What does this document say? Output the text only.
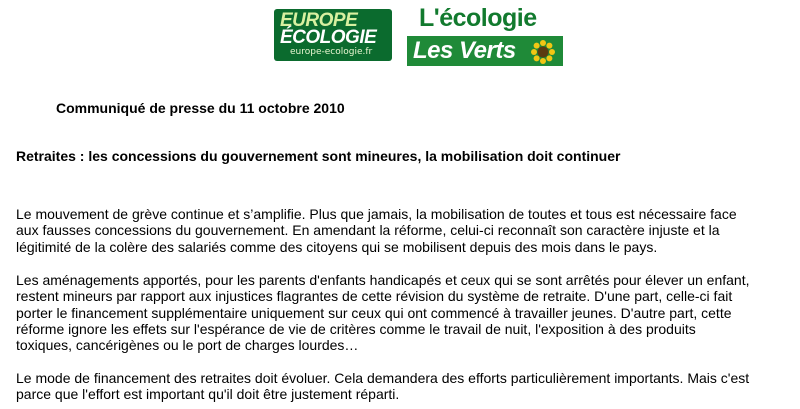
EUROPE
ÉCOLOGIE
europe-ecologie.fr
L'écologie
Les Verts
Communiqué de presse du 11 octobre 2010
Retraites : les concessions du gouvernement sont mineures, la mobilisation doit continuer
Le mouvement de grève continue et s’amplifie. Plus que jamais, la mobilisation de toutes et tous est nécessaire face
aux fausses concessions du gouvernement. En amendant la réforme, celui-ci reconnaît son caractère injuste et la
légitimité de la colère des salariés comme des citoyens qui se mobilisent depuis des mois dans le pays.
Les aménagements apportés, pour les parents d'enfants handicapés et ceux qui se sont arrêtés pour élever un enfant,
restent mineurs par rapport aux injustices flagrantes de cette révision du système de retraite. D'une part, celle-ci fait
porter le financement supplémentaire uniquement sur ceux qui ont commencé à travailler jeunes. D'autre part, cette
réforme ignore les effets sur l'espérance de vie de critères comme le travail de nuit, l'exposition à des produits
toxiques, cancérigènes ou le port de charges lourdes…
Le mode de financement des retraites doit évoluer. Cela demandera des efforts particulièrement importants. Mais c'est
parce que l'effort est important qu'il doit être justement réparti.
